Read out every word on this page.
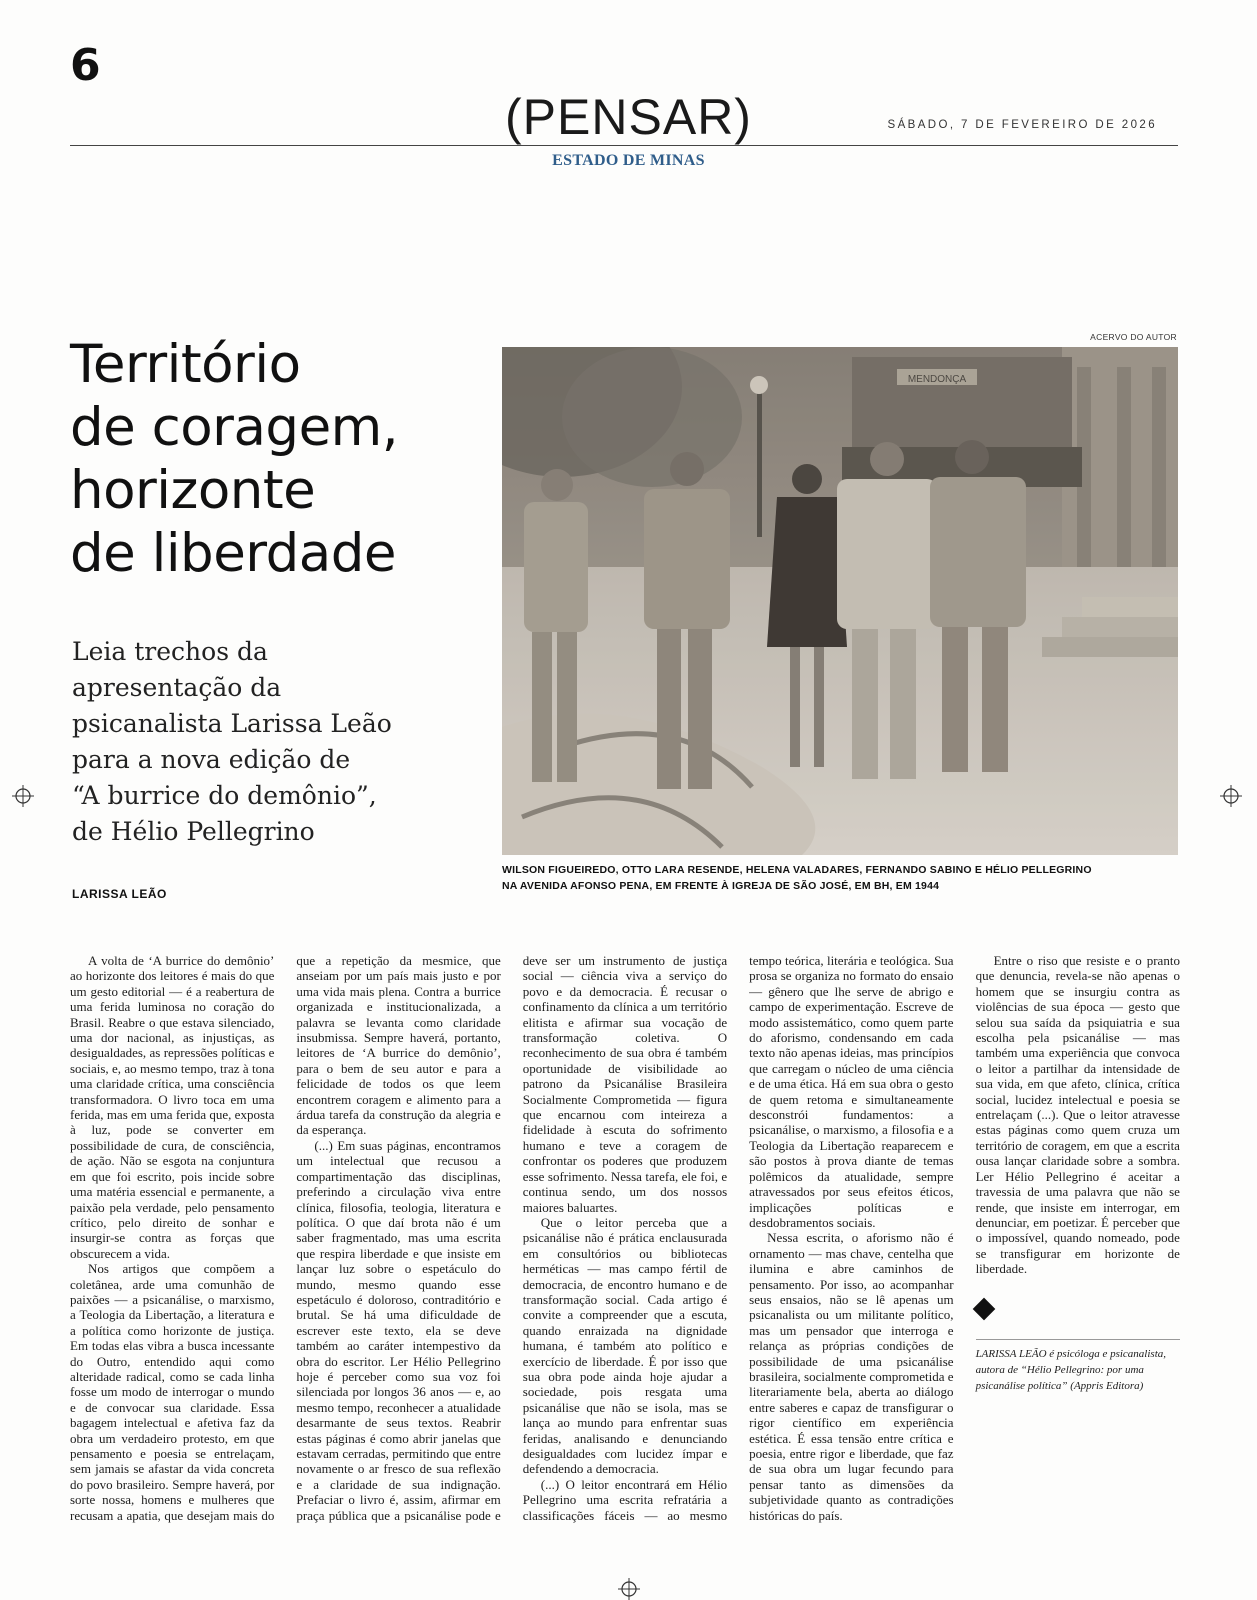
6
(PENSAR)	SÁBADO, 7 DE FEVEREIRO DE 2026
ESTADO DE MINAS
Território
de coragem,
horizonte
de liberdade
Leia trechos da
apresentação da
psicanalista Larissa Leão
para a nova edição de
“A burrice do demônio”,
de Hélio Pellegrino
LARISSA LEÃO
ACERVO DO AUTOR
MENDONÇA
WILSON FIGUEIREDO, OTTO LARA RESENDE, HELENA VALADARES, FERNANDO SABINO E HÉLIO PELLEGRINO
NA AVENIDA AFONSO PENA, EM FRENTE À IGREJA DE SÃO JOSÉ, EM BH, EM 1944

A volta de ‘A burrice do demônio’ ao horizonte dos leitores é mais do que um gesto editorial — é a reabertura de uma ferida luminosa no coração do Brasil. Reabre o que estava silenciado, uma dor nacional, as injustiças, as desigualdades, as repressões políticas e sociais, e, ao mesmo tempo, traz à tona uma claridade crítica, uma consciência transformadora. O livro toca em uma ferida, mas em uma ferida que, exposta à luz, pode se converter em possibilidade de cura, de consciência, de ação. Não se esgota na conjuntura em que foi escrito, pois incide sobre uma matéria essencial e permanente, a paixão pela verdade, pelo pensamento crítico, pelo direito de sonhar e insurgir-se contra as forças que obscurecem a vida.

Nos artigos que compõem a coletânea, arde uma comunhão de paixões — a psicanálise, o marxismo, a Teologia da Libertação, a literatura e a política como horizonte de justiça. Em todas elas vibra a busca incessante do Outro, entendido aqui como alteridade radical, como se cada linha fosse um modo de interrogar o mundo e de convocar sua claridade. Essa bagagem intelectual e afetiva faz da obra um verdadeiro protesto, em que pensamento e poesia se entrelaçam, sem jamais se afastar da vida concreta do povo brasileiro. Sempre haverá, por sorte nossa, homens e mulheres que recusam a apatia, que desejam mais do que a repetição da mesmice, que anseiam por um país mais justo e por uma vida mais plena. Contra a burrice organizada e institucionalizada, a palavra se levanta como claridade insubmissa. Sempre haverá, portanto, leitores de ‘A burrice do demônio’, para o bem de seu autor e para a felicidade de todos os que leem encontrem coragem e alimento para a árdua tarefa da construção da alegria e da esperança.

(...) Em suas páginas, encontramos um intelectual que recusou a compartimentação das disciplinas, preferindo a circulação viva entre clínica, filosofia, teologia, literatura e política. O que daí brota não é um saber fragmentado, mas uma escrita que respira liberdade e que insiste em lançar luz sobre o espetáculo do mundo, mesmo quando esse espetáculo é doloroso, contraditório e brutal. Se há uma dificuldade de escrever este texto, ela se deve também ao caráter intempestivo da obra do escritor. Ler Hélio Pellegrino hoje é perceber como sua voz foi silenciada por longos 36 anos — e, ao mesmo tempo, reconhecer a atualidade desarmante de seus textos. Reabrir estas páginas é como abrir janelas que estavam cerradas, permitindo que entre novamente o ar fresco de sua reflexão e a claridade de sua indignação. Prefaciar o livro é, assim, afirmar em praça pública que a psicanálise pode e deve ser um instrumento de justiça social — ciência viva a serviço do povo e da democracia. É recusar o confinamento da clínica a um território elitista e afirmar sua vocação de transformação coletiva. O reconhecimento de sua obra é também oportunidade de visibilidade ao patrono da Psicanálise Brasileira Socialmente Comprometida — figura que encarnou com inteireza a fidelidade à escuta do sofrimento humano e teve a coragem de confrontar os poderes que produzem esse sofrimento. Nessa tarefa, ele foi, e continua sendo, um dos nossos maiores baluartes.

Que o leitor perceba que a psicanálise não é prática enclausurada em consultórios ou bibliotecas herméticas — mas campo fértil de democracia, de encontro humano e de transformação social. Cada artigo é convite a compreender que a escuta, quando enraizada na dignidade humana, é também ato político e exercício de liberdade. É por isso que sua obra pode ainda hoje ajudar a sociedade, pois resgata uma psicanálise que não se isola, mas se lança ao mundo para enfrentar suas feridas, analisando e denunciando desigualdades com lucidez ímpar e defendendo a democracia.

(...) O leitor encontrará em Hélio Pellegrino uma escrita refratária a classificações fáceis — ao mesmo tempo teórica, literária e teológica. Sua prosa se organiza no formato do ensaio — gênero que lhe serve de abrigo e campo de experimentação. Escreve de modo assistemático, como quem parte do aforismo, condensando em cada texto não apenas ideias, mas princípios que carregam o núcleo de uma ciência e de uma ética. Há em sua obra o gesto de quem retoma e simultaneamente desconstrói fundamentos: a psicanálise, o marxismo, a filosofia e a Teologia da Libertação reaparecem e são postos à prova diante de temas polêmicos da atualidade, sempre atravessados por seus efeitos éticos, implicações políticas e desdobramentos sociais.

Nessa escrita, o aforismo não é ornamento — mas chave, centelha que ilumina e abre caminhos de pensamento. Por isso, ao acompanhar seus ensaios, não se lê apenas um psicanalista ou um militante político, mas um pensador que interroga e relança as próprias condições de possibilidade de uma psicanálise brasileira, socialmente comprometida e literariamente bela, aberta ao diálogo entre saberes e capaz de transfigurar o rigor científico em experiência estética. É essa tensão entre crítica e poesia, entre rigor e liberdade, que faz de sua obra um lugar fecundo para pensar tanto as dimensões da subjetividade quanto as contradições históricas do país.

Entre o riso que resiste e o pranto que denuncia, revela-se não apenas o homem que se insurgiu contra as violências de sua época — gesto que selou sua saída da psiquiatria e sua escolha pela psicanálise — mas também uma experiência que convoca o leitor a partilhar da intensidade de sua vida, em que afeto, clínica, crítica social, lucidez intelectual e poesia se entrelaçam (...). Que o leitor atravesse estas páginas como quem cruza um território de coragem, em que a escrita ousa lançar claridade sobre a sombra. Ler Hélio Pellegrino é aceitar a travessia de uma palavra que não se rende, que insiste em interrogar, em denunciar, em poetizar. É perceber que o impossível, quando nomeado, pode se transfigurar em horizonte de liberdade.

LARISSA LEÃO é psicóloga e psicanalista, autora de “Hélio Pellegrino: por uma psicanálise política” (Appris Editora)
